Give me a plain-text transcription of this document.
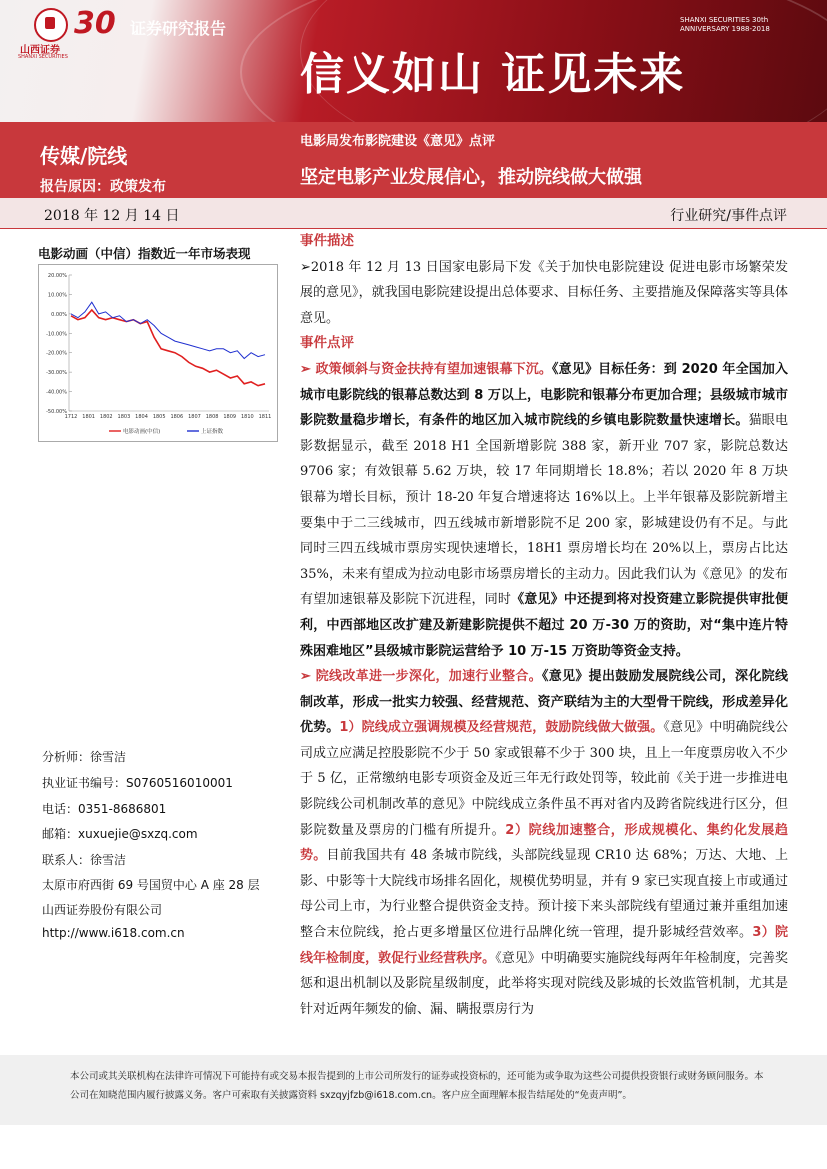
山西证券
SHANXI SECURITIES
30 证券研究报告
信义如山 证见未来
SHANXI SECURITIES 30th ANNIVERSARY 1988-2018
传媒/院线
报告原因：政策发布
电影局发布影院建设《意见》点评
坚定电影产业发展信心，推动院线做大做强
2018 年 12 月 14 日	行业研究/事件点评
电影动画（中信）指数近一年市场表现
20.00%
10.00%
0.00%
-10.00%
-20.00%
-30.00%
-40.00%
-50.00%
1712 1801 1802 1803 1804 1805 1806 1807 1808 1809 1810 1811
电影动画(中信)	上证指数
分析师：徐雪洁
执业证书编号：S0760516010001
电话：0351-8686801
邮箱：xuxuejie@sxzq.com
联系人：徐雪洁
太原市府西街 69 号国贸中心 A 座 28 层
山西证券股份有限公司
http://www.i618.com.cn

事件描述

➢2018 年 12 月 13 日国家电影局下发《关于加快电影院建设 促进电影市场繁荣发展的意见》，就我国电影院建设提出总体要求、目标任务、主要措施及保障落实等具体意见。

事件点评

➢ 政策倾斜与资金扶持有望加速银幕下沉。《意见》目标任务：到 2020 年全国加入城市电影院线的银幕总数达到 8 万以上，电影院和银幕分布更加合理；县级城市城市影院数量稳步增长，有条件的地区加入城市院线的乡镇电影院数量快速增长。猫眼电影数据显示，截至 2018 H1 全国新增影院 388 家，新开业 707 家，影院总数达 9706 家；有效银幕 5.62 万块，较 17 年同期增长 18.8%；若以 2020 年 8 万块银幕为增长目标，预计 18-20 年复合增速将达 16%以上。上半年银幕及影院新增主要集中于二三线城市，四五线城市新增影院不足 200 家，影城建设仍有不足。与此同时三四五线城市票房实现快速增长，18H1 票房增长均在 20%以上，票房占比达 35%，未来有望成为拉动电影市场票房增长的主动力。因此我们认为《意见》的发布有望加速银幕及影院下沉进程，同时《意见》中还提到将对投资建立影院提供审批便利，中西部地区改扩建及新建影院提供不超过 20 万-30 万的资助，对“集中连片特殊困难地区”县级城市影院运营给予 10 万-15 万资助等资金支持。

➢ 院线改革进一步深化，加速行业整合。《意见》提出鼓励发展院线公司，深化院线制改革，形成一批实力较强、经营规范、资产联结为主的大型骨干院线，形成差异化优势。1）院线成立强调规模及经营规范，鼓励院线做大做强。《意见》中明确院线公司成立应满足控股影院不少于 50 家或银幕不少于 300 块，且上一年度票房收入不少于 5 亿，正常缴纳电影专项资金及近三年无行政处罚等，较此前《关于进一步推进电影院线公司机制改革的意见》中院线成立条件虽不再对省内及跨省院线进行区分，但影院数量及票房的门槛有所提升。2）院线加速整合，形成规模化、集约化发展趋势。目前我国共有 48 条城市院线，头部院线显现 CR10 达 68%；万达、大地、上影、中影等十大院线市场排名固化，规模优势明显，并有 9 家已实现直接上市或通过母公司上市，为行业整合提供资金支持。预计接下来头部院线有望通过兼并重组加速整合末位院线，抢占更多增量区位进行品牌化统一管理，提升影城经营效率。3）院线年检制度，敦促行业经营秩序。《意见》中明确要实施院线每两年年检制度，完善奖惩和退出机制以及影院星级制度，此举将实现对院线及影城的长效监管机制，尤其是针对近两年频发的偷、漏、瞒报票房行为

本公司或其关联机构在法律许可情况下可能持有或交易本报告提到的上市公司所发行的证券或投资标的，还可能为或争取为这些公司提供投资银行或财务顾问服务。本公司在知晓范围内履行披露义务。客户可索取有关披露资料 sxzqyjfzb@i618.com.cn。客户应全面理解本报告结尾处的“免责声明”。
